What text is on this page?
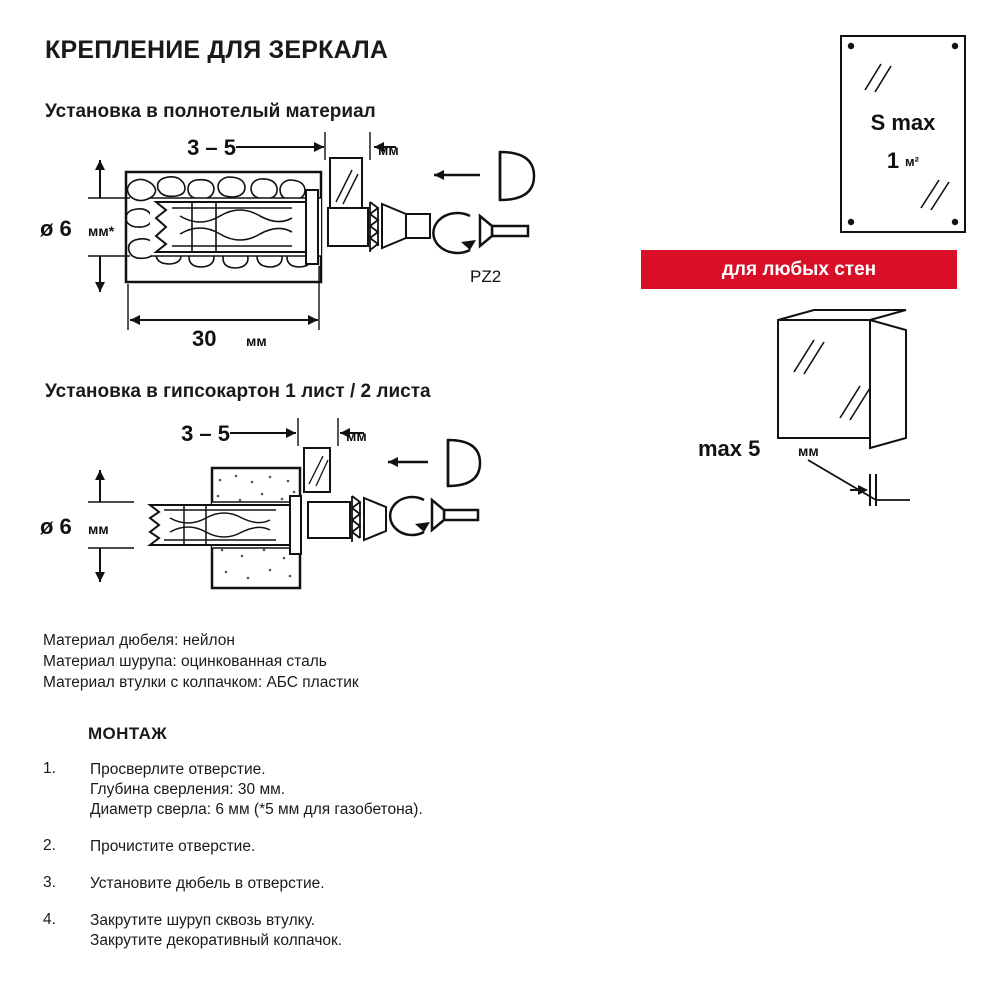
КРЕПЛЕНИЕ ДЛЯ ЗЕРКАЛА
Установка в полнотелый материал
PZ2
3 – 5	мм
ø 6 мм*
30 мм
Установка в гипсокартон 1 лист / 2 листа
3 – 5	мм
ø 6 мм
Материал дюбеля: нейлон
Материал шурупа: оцинкованная сталь
Материал втулки с колпачком: АБС пластик
МОНТАЖ
1.	Просверлите отверстие.
Глубина сверления: 30 мм.
Диаметр сверла: 6 мм (*5 мм для газобетона).
2.	Прочистите отверстие.
3.	Установите дюбель в отверстие.
4.	Закрутите шуруп сквозь втулку.
Закрутите декоративный колпачок.
S max
1 м²
для любых стен
max 5	мм
